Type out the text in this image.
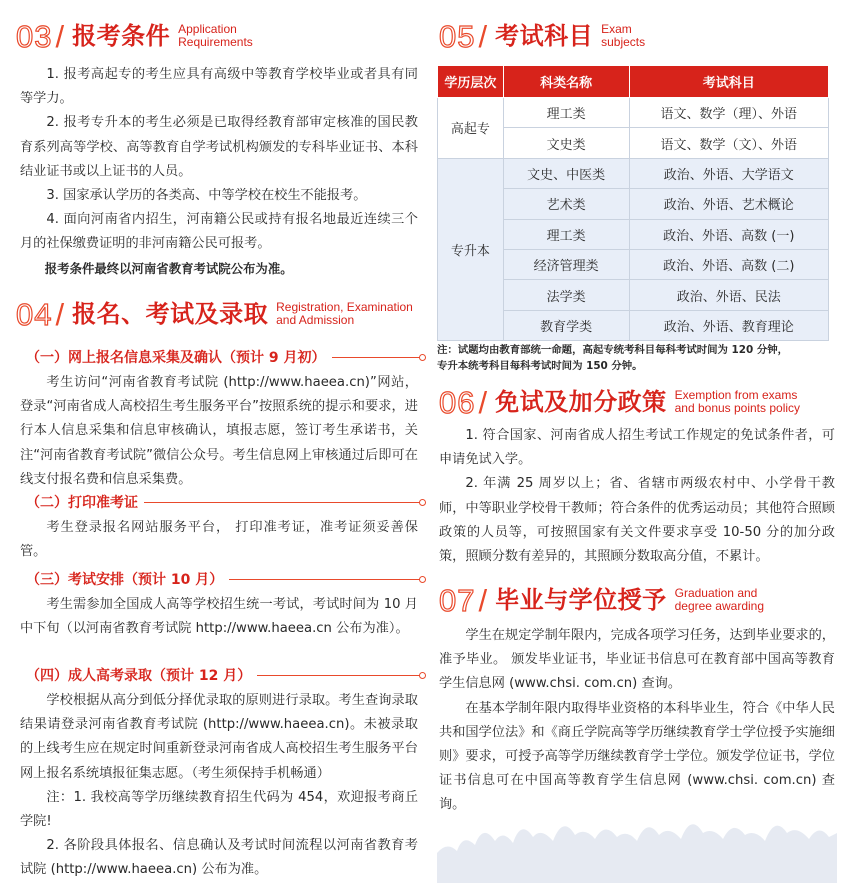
03 / 报考条件 Application
Requirements

1. 报考高起专的考生应具有高级中等教育学校毕业或者具有同等学力。

2. 报考专升本的考生必须是已取得经教育部审定核准的国民教育系列高等学校、高等教育自学考试机构颁发的专科毕业证书、本科结业证书或以上证书的人员。

3. 国家承认学历的各类高、中等学校在校生不能报考。

4. 面向河南省内招生，河南籍公民或持有报名地最近连续三个月的社保缴费证明的非河南籍公民可报考。

报考条件最终以河南省教育考试院公布为准。

04 / 报名、考试及录取 Registration, Examination
and Admission
（一）网上报名信息采集及确认（预计 9 月初）

考生访问“河南省教育考试院 (http://www.haeea.cn)”网站，登录“河南省成人高校招生考生服务平台”按照系统的提示和要求，进行本人信息采集和信息审核确认，填报志愿，签订考生承诺书，关注“河南省教育考试院”微信公众号。考生信息网上审核通过后即可在线支付报名费和信息采集费。

（二）打印准考证

考生登录报名网站服务平台， 打印准考证，准考证须妥善保管。

（三）考试安排（预计 10 月）

考生需参加全国成人高等学校招生统一考试，考试时间为 10 月中下旬（以河南省教育考试院 http://www.haeea.cn 公布为准）。

（四）成人高考录取（预计 12 月）

学校根据从高分到低分择优录取的原则进行录取。考生查询录取结果请登录河南省教育考试院 (http://www.haeea.cn)。未被录取的上线考生应在规定时间重新登录河南省成人高校招生考生服务平台网上报名系统填报征集志愿。（考生须保持手机畅通）

注：1. 我校高等学历继续教育招生代码为 454，欢迎报考商丘学院!

2. 各阶段具体报名、信息确认及考试时间流程以河南省教育考试院 (http://www.haeea.cn) 公布为准。

05 / 考试科目 Exam
subjects
学历层次	科类名称	考试科目
高起专	理工类	语文、数学（理）、外语
	文史类	语文、数学（文）、外语
专升本	文史、中医类	政治、外语、大学语文
	艺术类	政治、外语、艺术概论
	理工类	政治、外语、高数 (一)
	经济管理类	政治、外语、高数 (二)
	法学类	政治、外语、民法
	教育学类	政治、外语、教育理论
注：试题均由教育部统一命题，高起专统考科目每科考试时间为 120 分钟，
专升本统考科目每科考试时间为 150 分钟。
06 / 免试及加分政策 Exemption from exams
and bonus points policy

1. 符合国家、河南省成人招生考试工作规定的免试条件者，可申请免试入学。

2. 年满 25 周岁以上；省、省辖市两级农村中、小学骨干教师，中等职业学校骨干教师；符合条件的优秀运动员；其他符合照顾政策的人员等，可按照国家有关文件要求享受 10-50 分的加分政策，照顾分数有差异的，其照顾分数取高分值，不累计。

07 / 毕业与学位授予 Graduation and
degree awarding

学生在规定学制年限内，完成各项学习任务，达到毕业要求的，准予毕业。 颁发毕业证书，毕业证书信息可在教育部中国高等教育学生信息网 (www.chsi. com.cn) 查询。

在基本学制年限内取得毕业资格的本科毕业生，符合《中华人民共和国学位法》和《商丘学院高等学历继续教育学士学位授予实施细则》要求，可授予高等学历继续教育学士学位。颁发学位证书，学位证书信息可在中国高等教育学生信息网 (www.chsi. com.cn) 查询。
